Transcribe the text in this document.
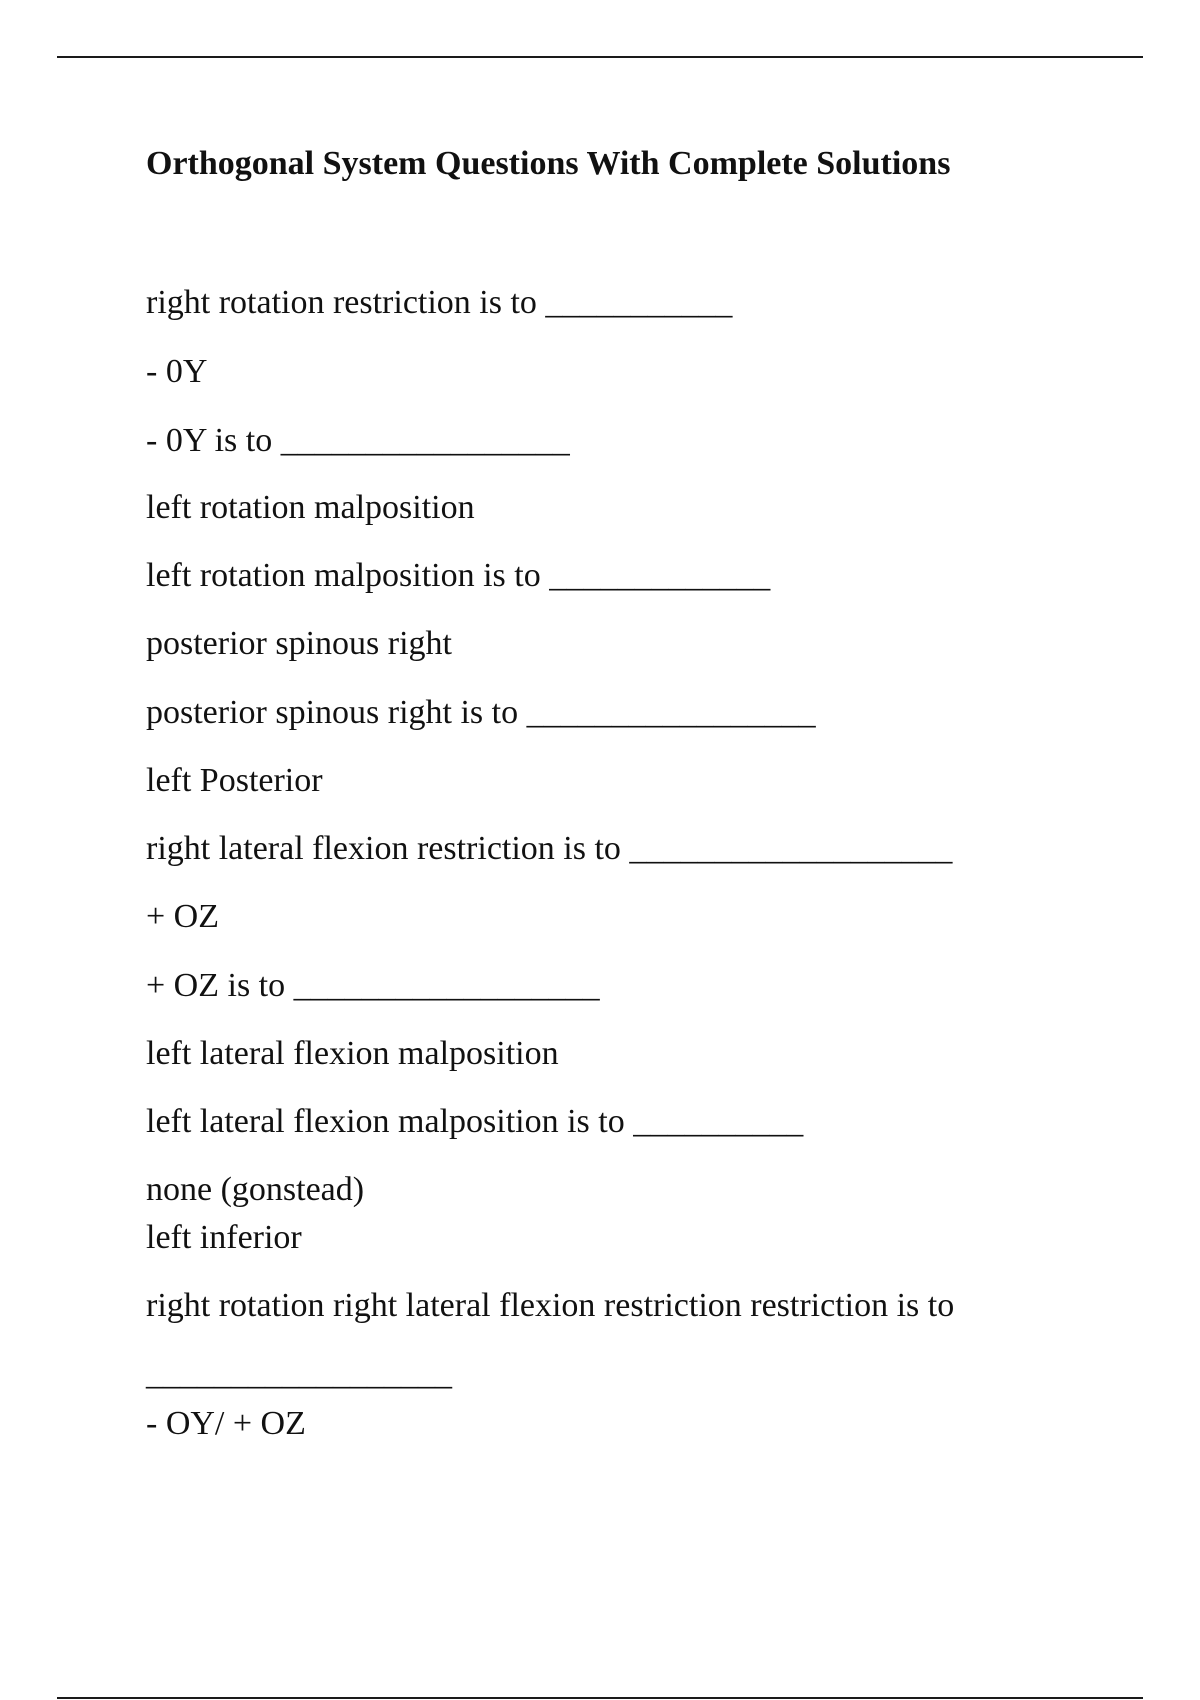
Orthogonal System Questions With Complete Solutions
right rotation restriction is to ___________
- 0Y
- 0Y is to _________________
left rotation malposition
left rotation malposition is to _____________
posterior spinous right
posterior spinous right is to _________________
left Posterior
right lateral flexion restriction is to ___________________
+ OZ
+ OZ is to __________________
left lateral flexion malposition
left lateral flexion malposition is to __________
none (gonstead)
left inferior
right rotation right lateral flexion restriction restriction is to
__________________
- OY/ + OZ
